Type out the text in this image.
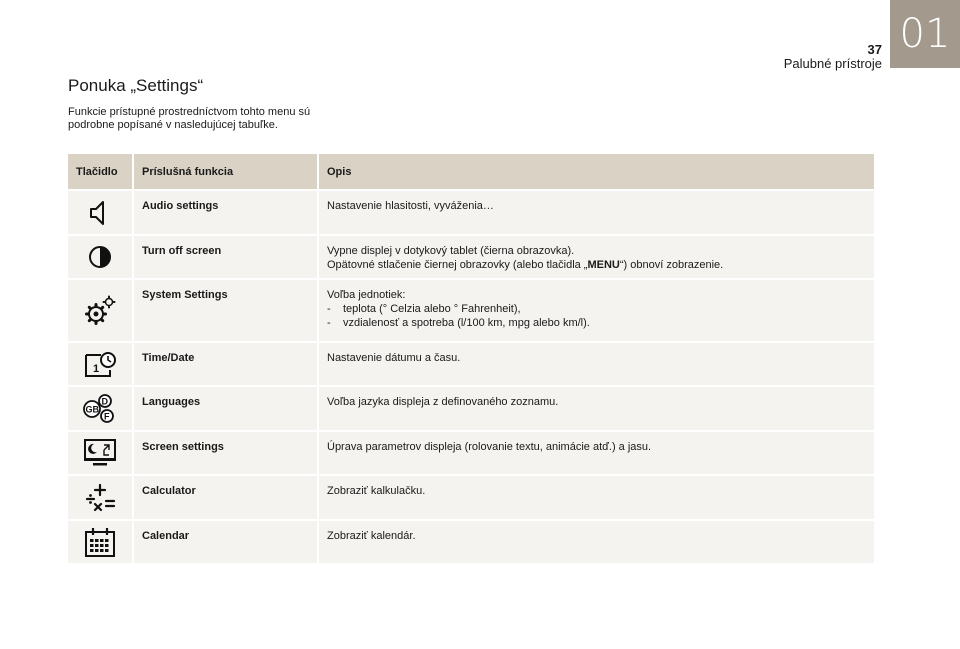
01
37
Palubné prístroje
Ponuka „Settings“
Funkcie prístupné prostredníctvom tohto menu sú podrobne popísané v nasledujúcej tabuľke.
Tlačidlo	Príslušná funkcia	Opis
	Audio settings	Nastavenie hlasitosti, vyváženia…
	Turn off screen	Vypne displej v dotykový tablet (čierna obrazovka).
Opätovné stlačenie čiernej obrazovky (alebo tlačidla „MENU“) obnoví zobrazenie.

	System Settings	Voľba jednotiek:
- teplota (° Celzia alebo ° Fahrenheit),
- vzdialenosť a spotreba (l/100 km, mpg alebo km/l).

1	Time/Date	Nastavenie dátumu a času.

D
GB
F	Languages	Voľba jazyka displeja z definovaného zoznamu.
	Screen settings	Úprava parametrov displeja (rolovanie textu, animácie atď.) a jasu.
	Calculator	Zobraziť kalkulačku.
	Calendar	Zobraziť kalendár.
